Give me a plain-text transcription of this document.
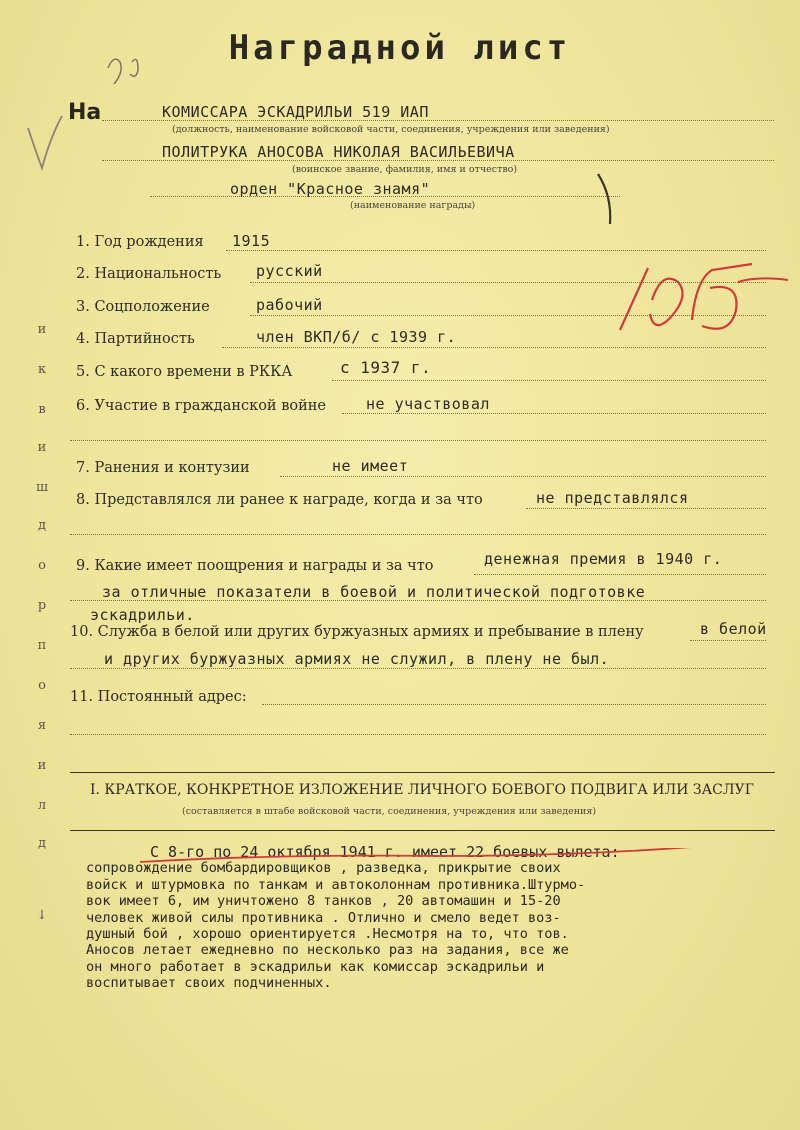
Наградной лист
и
к
в
и
ш
д
о
р
п
о
я
и
л
д
↓
На	КОМИССАРА ЭСКАДРИЛЬИ 519 ИАП
(должность, наименование войсковой части, соединения, учреждения или заведения)
ПОЛИТРУКА АНОСОВА НИКОЛАЯ ВАСИЛЬЕВИЧА
(воинское звание, фамилия, имя и отчество)
орден "Красное знамя"
(наименование награды)
1. Год рождения 1915
2. Национальность русский
3. Соцположение	рабочий
4. Партийность	член ВКП/б/ с 1939 г.
5. С какого времени в РККА	с 1937 г.
6. Участие в гражданской войне	не участвовал
7. Ранения и контузии	не имеет
8. Представлялся ли ранее к награде, когда и за что	не представлялся
9. Какие имеет поощрения и награды и за что	денежная премия в 1940 г.
за отличные показатели в боевой и политической подготовке
эскадрильи.
10. Служба в белой или других буржуазных армиях и пребывание в плену	в белой
и других буржуазных армиях не служил, в плену не был.
11. Постоянный адрес:
I. КРАТКОЕ, КОНКРЕТНОЕ ИЗЛОЖЕНИЕ ЛИЧНОГО БОЕВОГО ПОДВИГА ИЛИ ЗАСЛУГ
(составляется в штабе войсковой части, соединения, учреждения или заведения)
С 8-го по 24 октября 1941 г. имеет 22 боевых вылета:
сопровождение бомбардировщиков , разведка, прикрытие своих
войск и штурмовка по танкам и автоколоннам противника.Штурмо-
вок имеет 6, им уничтожено 8 танков , 20 автомашин и 15-20
человек живой силы противника . Отлично и смело ведет воз-
душный бой , хорошо ориентируется .Несмотря на то, что тов.
Аносов летает ежедневно по несколько раз на задания, все же
он много работает в эскадрильи как комиссар эскадрильи и
воспитывает своих подчиненных.
